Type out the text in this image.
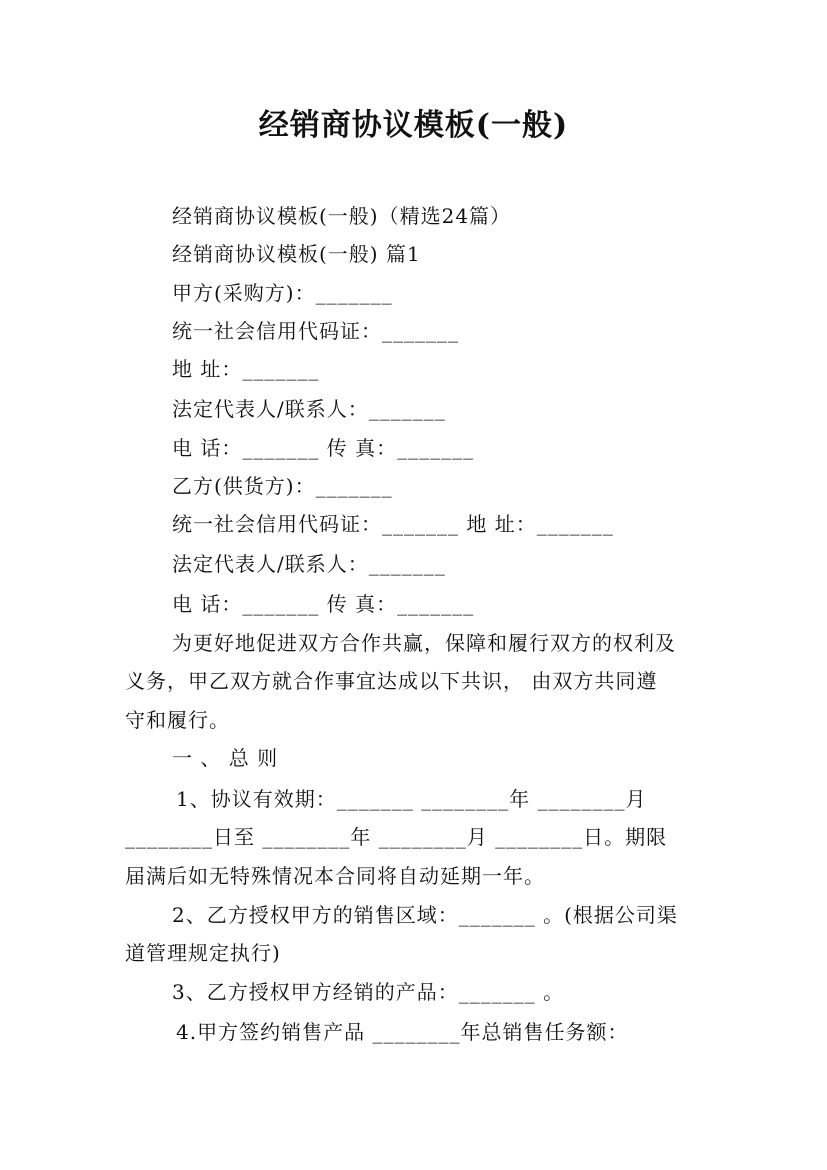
经销商协议模板(一般)
经销商协议模板(一般)（精选24篇）
经销商协议模板(一般) 篇1
甲方(采购方)：_______
统一社会信用代码证：_______
地 址：_______
法定代表人/联系人：_______
电 话：_______ 传 真：_______
乙方(供货方)：_______
统一社会信用代码证：_______ 地 址：_______
法定代表人/联系人：_______
电 话：_______ 传 真：_______
为更好地促进双方合作共赢，保障和履行双方的权利及
义务，甲乙双方就合作事宜达成以下共识， 由双方共同遵
守和履行。
一 、 总 则
1、协议有效期：_______ ________年 ________月
________日至 ________年 ________月 ________日。期限
届满后如无特殊情况本合同将自动延期一年。
2、乙方授权甲方的销售区域：_______ 。(根据公司渠
道管理规定执行)
3、乙方授权甲方经销的产品：_______ 。
4.甲方签约销售产品 ________年总销售任务额：
